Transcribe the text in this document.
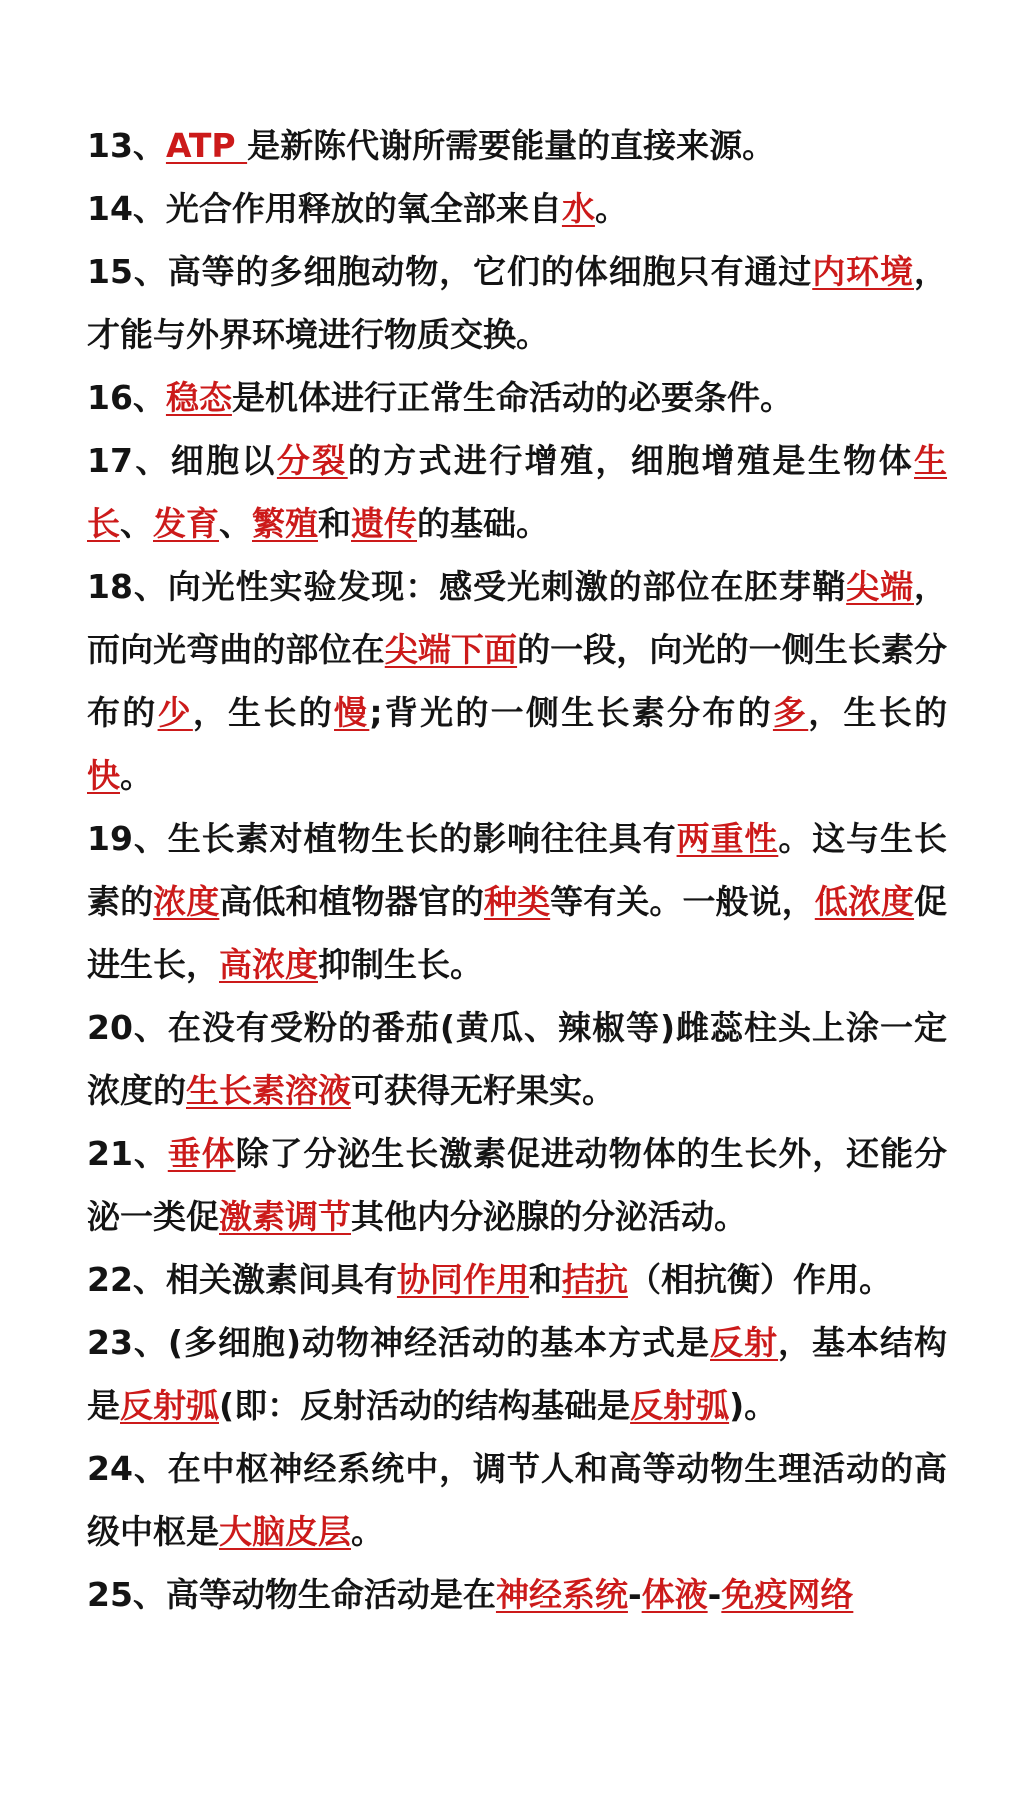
13、ATP 是新陈代谢所需要能量的直接来源。

14、光合作用释放的氧全部来自水。

15、高等的多细胞动物，它们的体细胞只有通过内环境，才能与外界环境进行物质交换。

16、稳态是机体进行正常生命活动的必要条件。

17、细胞以分裂的方式进行增殖，细胞增殖是生物体生长、发育、繁殖和遗传的基础。

18、向光性实验发现：感受光刺激的部位在胚芽鞘尖端，而向光弯曲的部位在尖端下面的一段，向光的一侧生长素分布的少，生长的慢;背光的一侧生长素分布的多，生长的快。

19、生长素对植物生长的影响往往具有两重性。这与生长素的浓度高低和植物器官的种类等有关。一般说，低浓度促进生长，高浓度抑制生长。

20、在没有受粉的番茄(黄瓜、辣椒等)雌蕊柱头上涂一定浓度的生长素溶液可获得无籽果实。

21、垂体除了分泌生长激素促进动物体的生长外，还能分泌一类促激素调节其他内分泌腺的分泌活动。

22、相关激素间具有协同作用和拮抗（相抗衡）作用。

23、(多细胞)动物神经活动的基本方式是反射，基本结构是反射弧(即：反射活动的结构基础是反射弧)。

24、在中枢神经系统中，调节人和高等动物生理活动的高级中枢是大脑皮层。

25、高等动物生命活动是在神经系统-体液-免疫网络
